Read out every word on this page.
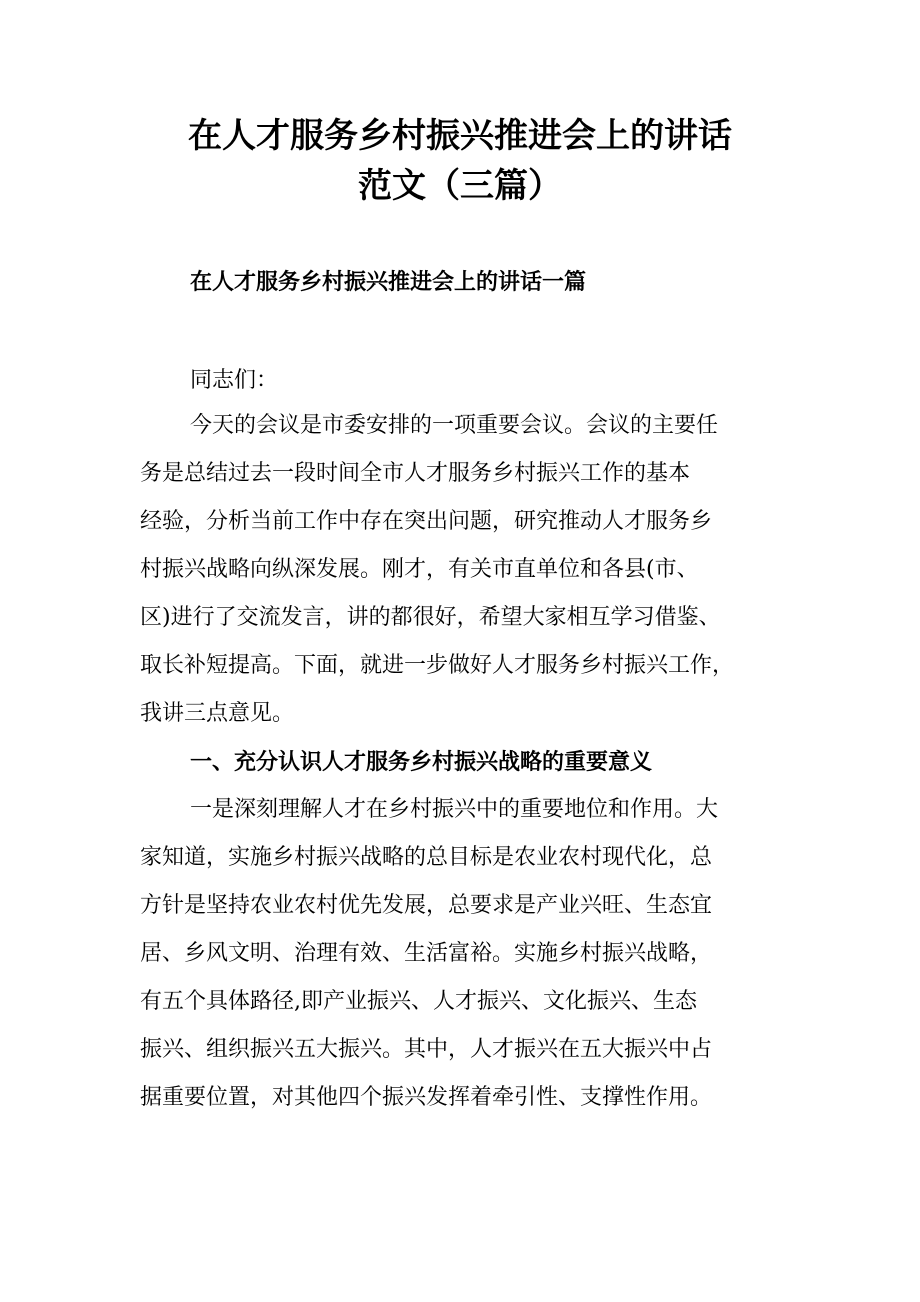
在人才服务乡村振兴推进会上的讲话
范文（三篇）
在人才服务乡村振兴推进会上的讲话一篇
同志们：
今天的会议是市委安排的一项重要会议。会议的主要任
务是总结过去一段时间全市人才服务乡村振兴工作的基本
经验，分析当前工作中存在突出问题，研究推动人才服务乡
村振兴战略向纵深发展。刚才，有关市直单位和各县(市、
区)进行了交流发言，讲的都很好，希望大家相互学习借鉴、
取长补短提高。下面，就进一步做好人才服务乡村振兴工作，
我讲三点意见。
一、充分认识人才服务乡村振兴战略的重要意义
一是深刻理解人才在乡村振兴中的重要地位和作用。大
家知道，实施乡村振兴战略的总目标是农业农村现代化，总
方针是坚持农业农村优先发展，总要求是产业兴旺、生态宜
居、乡风文明、治理有效、生活富裕。实施乡村振兴战略，
有五个具体路径,即产业振兴、人才振兴、文化振兴、生态
振兴、组织振兴五大振兴。其中，人才振兴在五大振兴中占
据重要位置，对其他四个振兴发挥着牵引性、支撑性作用。
